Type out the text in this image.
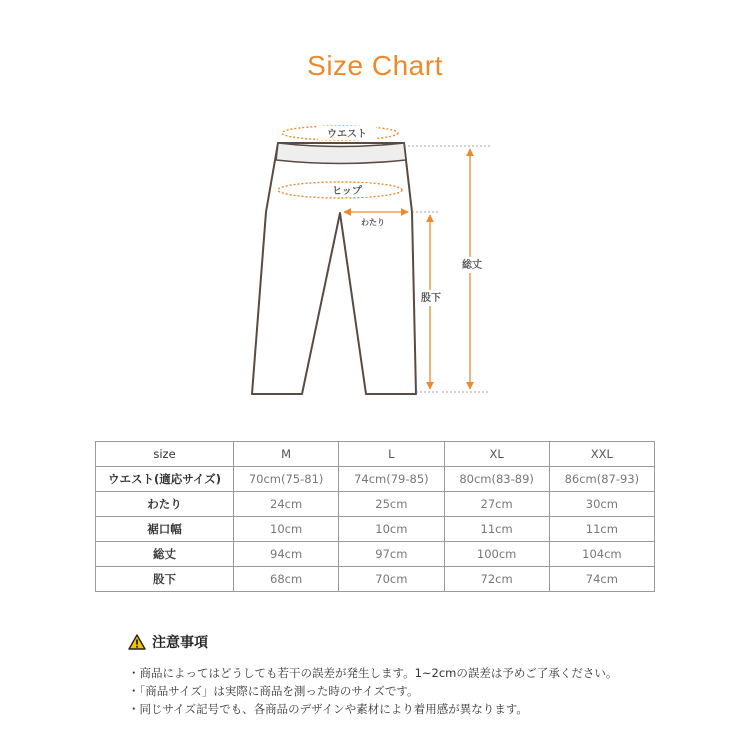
Size Chart
ウエスト
ヒップ
わたり
股下
総丈
size	M	L	XL	XXL
ウエスト(適応サイズ)	70cm(75-81)	74cm(79-85)	80cm(83-89)	86cm(87-93)
わたり	24cm	25cm	27cm	30cm
裾口幅	10cm	10cm	11cm	11cm
総丈	94cm	97cm	100cm	104cm
股下	68cm	70cm	72cm	74cm
注意事項
・商品によってはどうしても若干の誤差が発生します。1~2cmの誤差は予めご了承ください。
・「商品サイズ」は実際に商品を測った時のサイズです。
・同じサイズ記号でも、各商品のデザインや素材により着用感が異なります。
